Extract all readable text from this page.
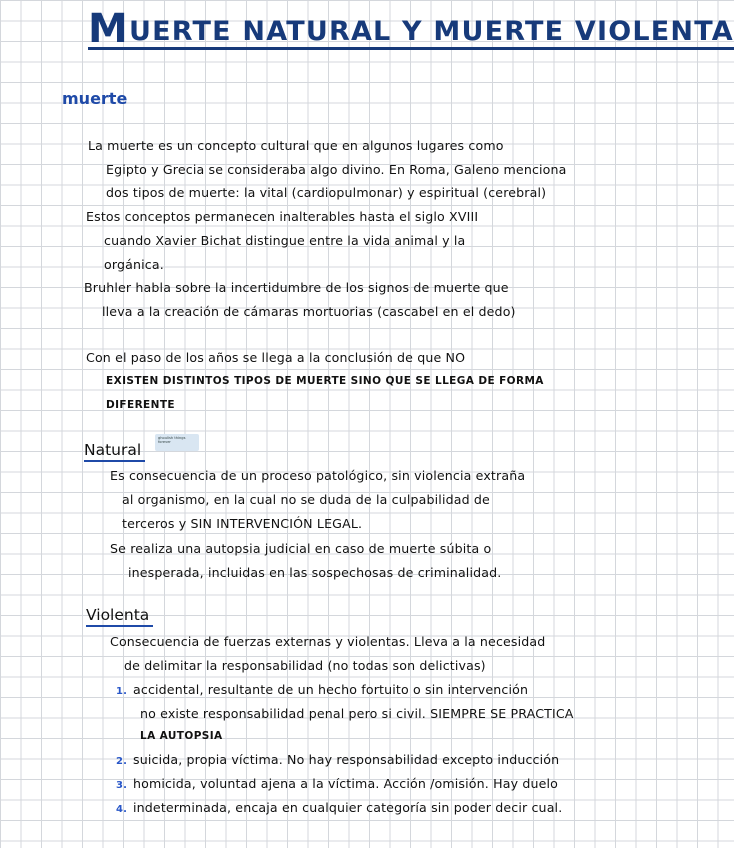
MUERTE NATURAL Y MUERTE VIOLENTA
muerte
La muerte es un concepto cultural que en algunos lugares como
Egipto y Grecia se consideraba algo divino. En Roma, Galeno menciona
dos tipos de muerte: la vital (cardiopulmonar) y espiritual (cerebral)
Estos conceptos permanecen inalterables hasta el siglo XVIII
cuando Xavier Bichat distingue entre la vida animal y la
orgánica.
Bruhler habla sobre la incertidumbre de los signos de muerte que
lleva a la creación de cámaras mortuorias (cascabel en el dedo)
Con el paso de los años se llega a la conclusión de que NO
EXISTEN DISTINTOS TIPOS DE MUERTE SINO QUE SE LLEGA DE FORMA
DIFERENTE
Natural
ghoulish things forever
Es consecuencia de un proceso patológico, sin violencia extraña
al organismo, en la cual no se duda de la culpabilidad de
terceros y SIN INTERVENCIÓN LEGAL.
Se realiza una autopsia judicial en caso de muerte súbita o
inesperada, incluidas en las sospechosas de criminalidad.
Violenta
Consecuencia de fuerzas externas y violentas. Lleva a la necesidad
de delimitar la responsabilidad (no todas son delictivas)
1. accidental, resultante de un hecho fortuito o sin intervención
no existe responsabilidad penal pero si civil. SIEMPRE SE PRACTICA
LA AUTOPSIA
2. suicida, propia víctima. No hay responsabilidad excepto inducción
3. homicida, voluntad ajena a la víctima. Acción /omisión. Hay duelo
4. indeterminada, encaja en cualquier categoría sin poder decir cual.
